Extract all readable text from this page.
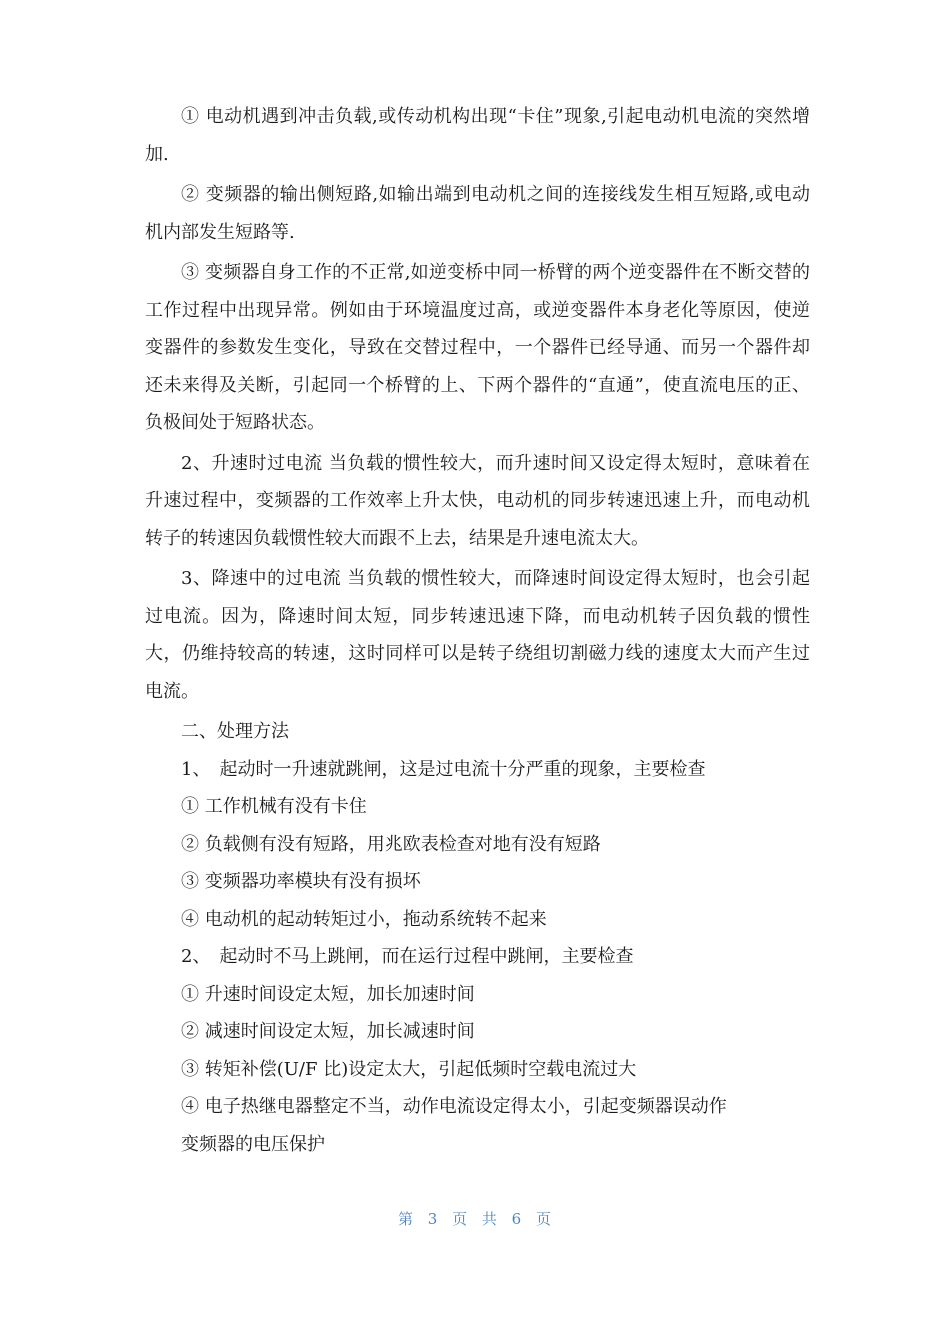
① 电动机遇到冲击负载,或传动机构出现“卡住”现象,引起电动机电流的突然增加.

② 变频器的输出侧短路,如输出端到电动机之间的连接线发生相互短路,或电动机内部发生短路等.

③ 变频器自身工作的不正常,如逆变桥中同一桥臂的两个逆变器件在不断交替的工作过程中出现异常。例如由于环境温度过高，或逆变器件本身老化等原因，使逆变器件的参数发生变化，导致在交替过程中，一个器件已经导通、而另一个器件却还未来得及关断，引起同一个桥臂的上、下两个器件的“直通”，使直流电压的正、负极间处于短路状态。

2、升速时过电流 当负载的惯性较大，而升速时间又设定得太短时，意味着在升速过程中，变频器的工作效率上升太快，电动机的同步转速迅速上升，而电动机转子的转速因负载惯性较大而跟不上去，结果是升速电流太大。

3、降速中的过电流 当负载的惯性较大，而降速时间设定得太短时，也会引起过电流。因为，降速时间太短，同步转速迅速下降，而电动机转子因负载的惯性大，仍维持较高的转速，这时同样可以是转子绕组切割磁力线的速度太大而产生过电流。

二、处理方法

1、　起动时一升速就跳闸，这是过电流十分严重的现象，主要检查

① 工作机械有没有卡住

② 负载侧有没有短路，用兆欧表检查对地有没有短路

③ 变频器功率模块有没有损坏

④ 电动机的起动转矩过小，拖动系统转不起来

2、　起动时不马上跳闸，而在运行过程中跳闸，主要检查

① 升速时间设定太短，加长加速时间

② 减速时间设定太短，加长减速时间

③ 转矩补偿(U/F 比)设定太大，引起低频时空载电流过大

④ 电子热继电器整定不当，动作电流设定得太小，引起变频器误动作

变频器的电压保护

第 3 页 共 6 页
